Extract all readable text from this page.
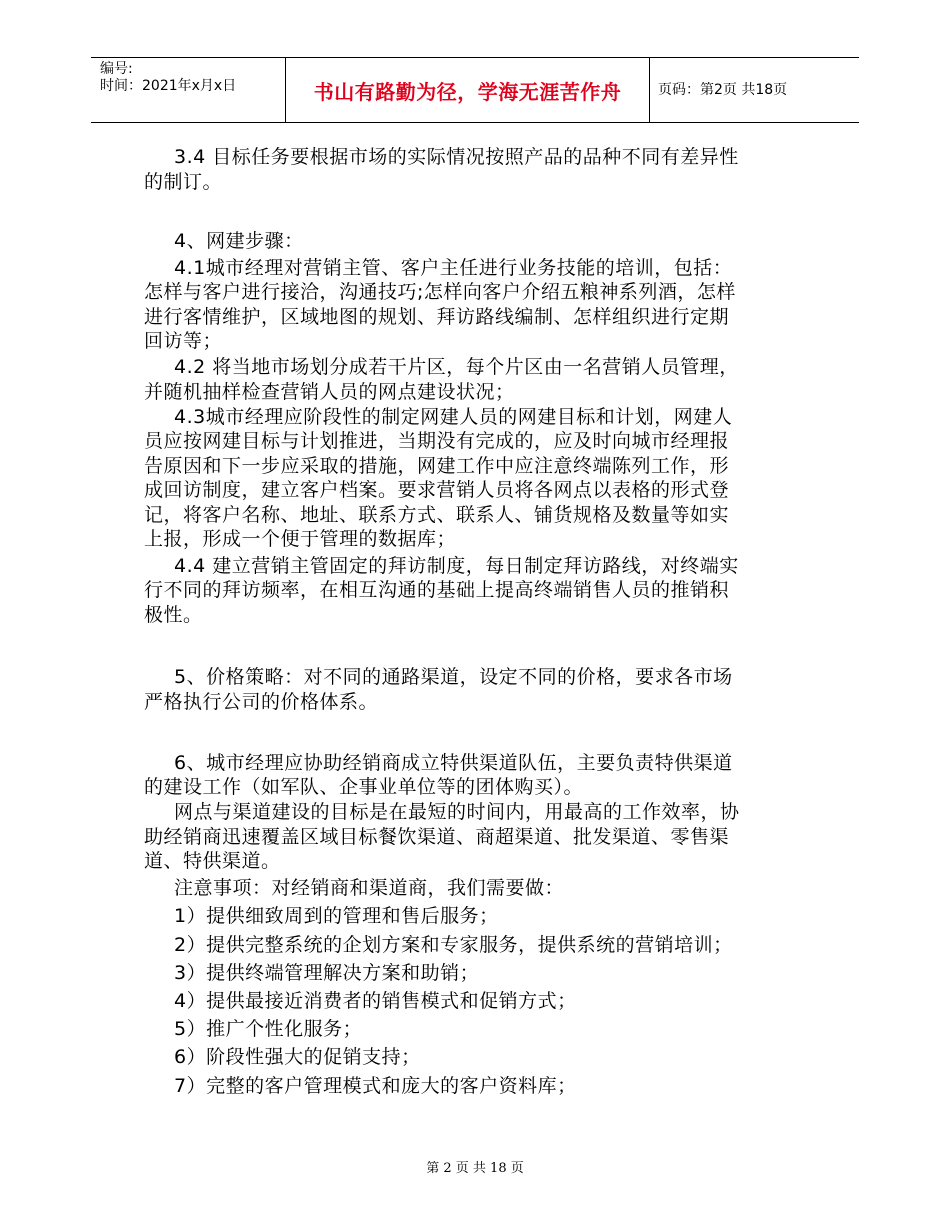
编号:
时间：2021年x月x日	书山有路勤为径，学海无涯苦作舟	页码：第2页 共18页
3.4 目标任务要根据市场的实际情况按照产品的品种不同有差异性
的制订。
4、网建步骤：
4.1城市经理对营销主管、客户主任进行业务技能的培训，包括：
怎样与客户进行接洽，沟通技巧;怎样向客户介绍五粮神系列酒，怎样
进行客情维护，区域地图的规划、拜访路线编制、怎样组织进行定期
回访等；
4.2 将当地市场划分成若干片区，每个片区由一名营销人员管理，
并随机抽样检查营销人员的网点建设状况；
4.3城市经理应阶段性的制定网建人员的网建目标和计划，网建人
员应按网建目标与计划推进，当期没有完成的，应及时向城市经理报
告原因和下一步应采取的措施，网建工作中应注意终端陈列工作，形
成回访制度，建立客户档案。要求营销人员将各网点以表格的形式登
记，将客户名称、地址、联系方式、联系人、铺货规格及数量等如实
上报，形成一个便于管理的数据库；
4.4 建立营销主管固定的拜访制度，每日制定拜访路线，对终端实
行不同的拜访频率，在相互沟通的基础上提高终端销售人员的推销积
极性。
5、价格策略：对不同的通路渠道，设定不同的价格，要求各市场
严格执行公司的价格体系。
6、城市经理应协助经销商成立特供渠道队伍，主要负责特供渠道
的建设工作（如军队、企事业单位等的团体购买）。
网点与渠道建设的目标是在最短的时间内，用最高的工作效率，协
助经销商迅速覆盖区域目标餐饮渠道、商超渠道、批发渠道、零售渠
道、特供渠道。
注意事项：对经销商和渠道商，我们需要做：
1）提供细致周到的管理和售后服务；
2）提供完整系统的企划方案和专家服务，提供系统的营销培训；
3）提供终端管理解决方案和助销；
4）提供最接近消费者的销售模式和促销方式；
5）推广个性化服务；
6）阶段性强大的促销支持；
7）完整的客户管理模式和庞大的客户资料库；
第 2 页 共 18 页
